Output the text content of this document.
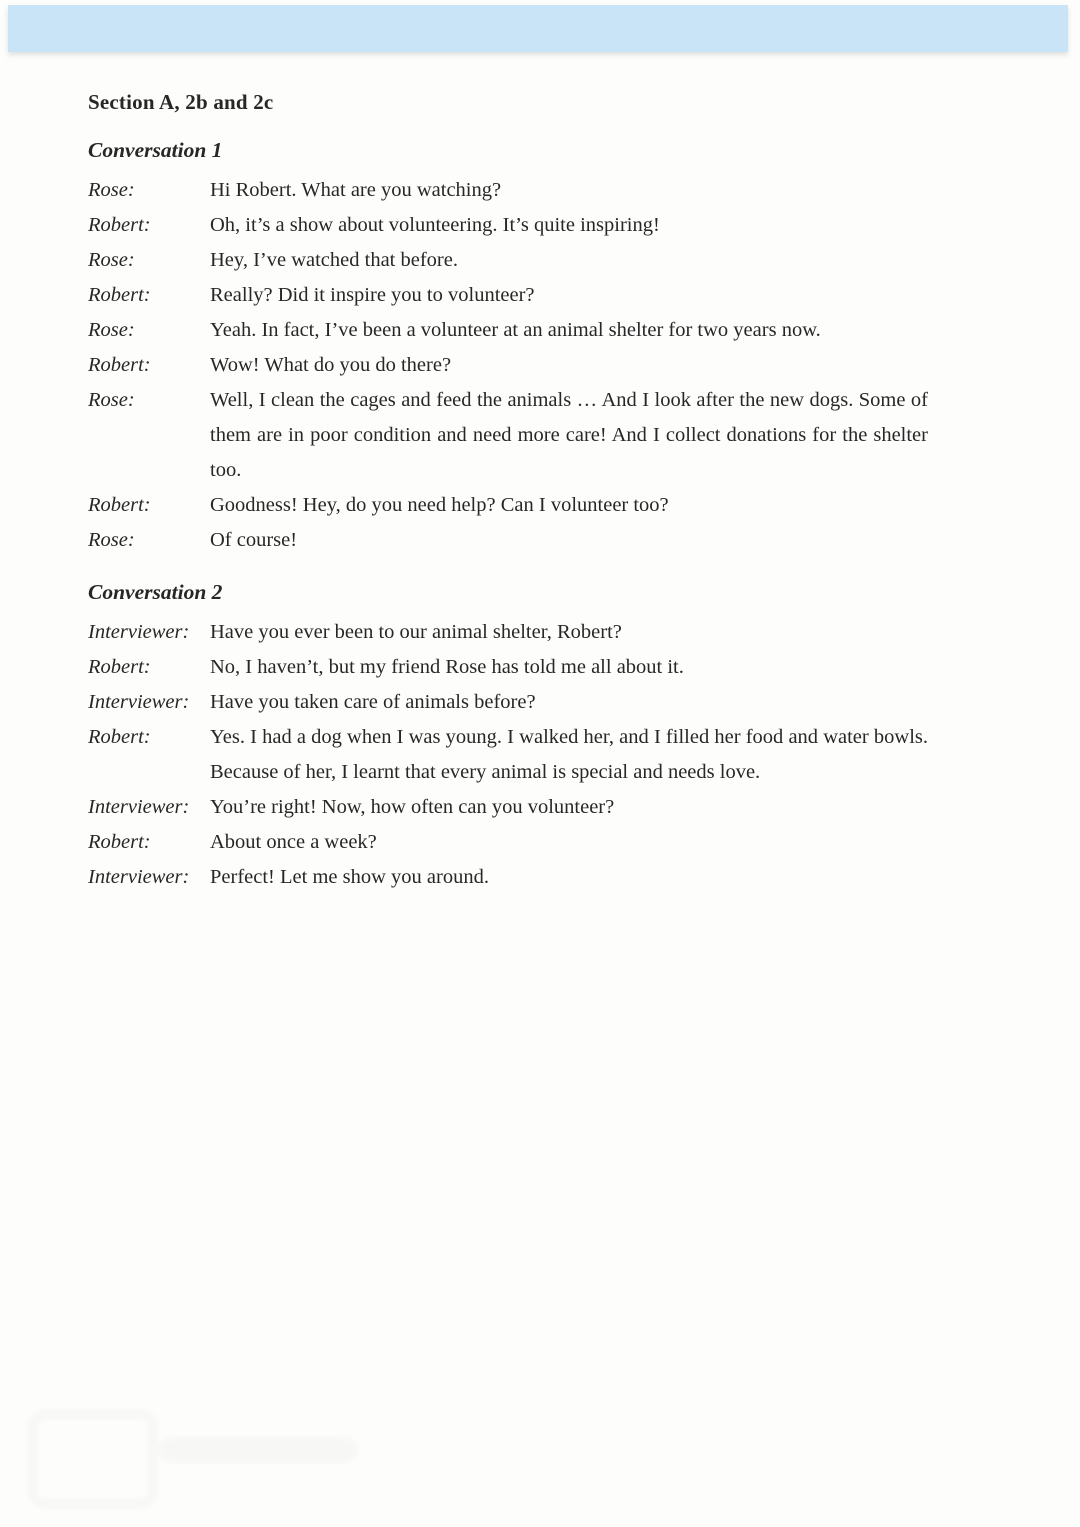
Section A, 2b and 2c
Conversation 1
Rose:	Hi Robert. What are you watching?
Robert:	Oh, it’s a show about volunteering. It’s quite inspiring!
Rose:	Hey, I’ve watched that before.
Robert:	Really? Did it inspire you to volunteer?
Rose:	Yeah. In fact, I’ve been a volunteer at an animal shelter for two years now.
Robert:	Wow! What do you do there?
Rose:	Well, I clean the cages and feed the animals … And I look after the new dogs. Some of them are in poor condition and need more care! And I collect donations for the shelter too.
Robert:	Goodness! Hey, do you need help? Can I volunteer too?
Rose:	Of course!
Conversation 2
Interviewer:	Have you ever been to our animal shelter, Robert?
Robert:	No, I haven’t, but my friend Rose has told me all about it.
Interviewer:	Have you taken care of animals before?
Robert:	Yes. I had a dog when I was young. I walked her, and I filled her food and water bowls. Because of her, I learnt that every animal is special and needs love.
Interviewer:	You’re right! Now, how often can you volunteer?
Robert:	About once a week?
Interviewer:	Perfect! Let me show you around.
